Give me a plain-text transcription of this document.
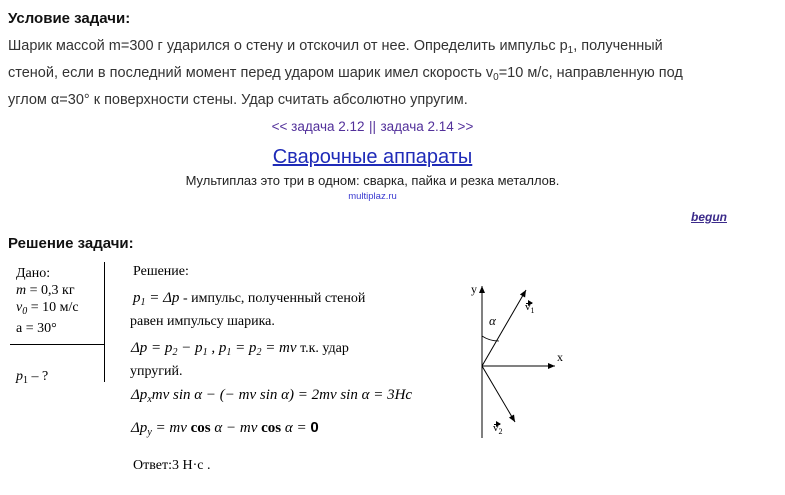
Условие задачи:
Шарик массой m=300 г ударился о стену и отскочил от нее. Определить импульс $p_1$, полученный
стеной, если в последний момент перед ударом шарик имел скорость $v_0=10$ м/с, направленную под
углом α=30° к поверхности стены. Удар считать абсолютно упругим.
<< задача 2.12 || задача 2.14 >>
Сварочные аппараты
Мультиплаз это три в одном: сварка, пайка и резка металлов.
multiplaz.ru
begun
Решение задачи:
Дано:
m = 0,3 кг
$v_0 = 10$ м/с
a = 30°
$p_1$ – ?
Решение:
$p_1 = \Delta p$ - импульс, полученный стеной
равен импульсу шарика.
$\Delta p = p_2 - p_1$ , $p_1 = p_2$ = mv т.к. удар
упругий.
$\Delta p_xmv$ sin α − (− mv sin α) = 2mv sin α = 3Нс
$\Delta p_y$ = mv cos α − mv cos α = 0
Ответ:3 Н·с .
y
x
α
$v_1$
$v_2$
